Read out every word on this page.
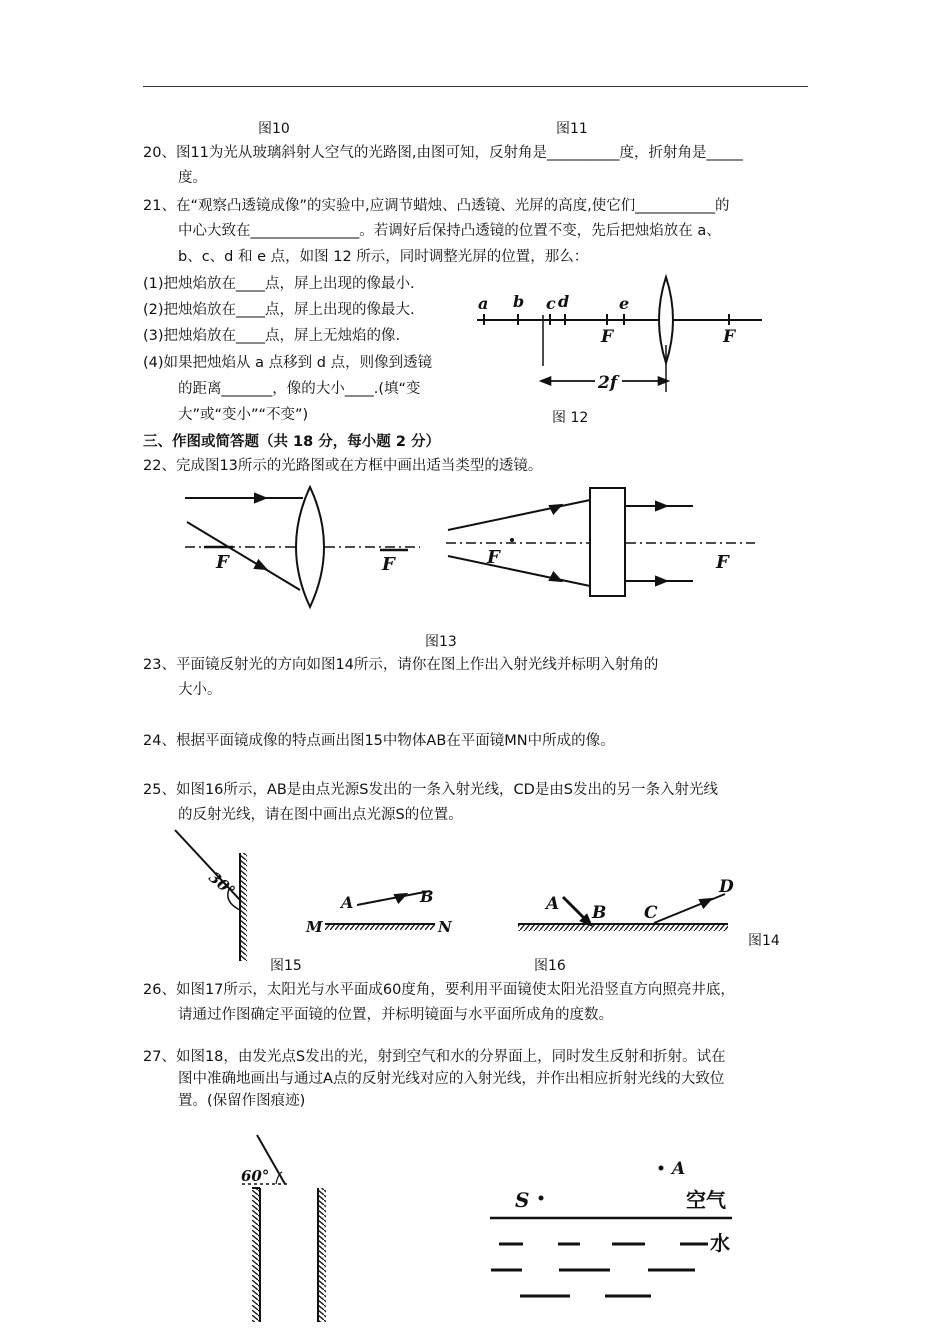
图10	图11
20、图11为光从玻璃斜射人空气的光路图,由图可知，反射角是__________度，折射角是_____
度。
21、在“观察凸透镜成像”的实验中,应调节蜡烛、凸透镜、光屏的高度,使它们___________的
中心大致在_______________。若调好后保持凸透镜的位置不变，先后把烛焰放在 a、
b、c、d 和 e 点，如图 12 所示，同时调整光屏的位置，那么：
(1)把烛焰放在____点，屏上出现的像最小.
(2)把烛焰放在____点，屏上出现的像最大.
(3)把烛焰放在____点，屏上无烛焰的像.
(4)如果把烛焰从 a 点移到 d 点，则像到透镜
的距离_______，像的大小____.(填“变
大”或“变小”“不变”)	图 12
三、作图或简答题（共 18 分，每小题 2 分）
22、完成图13所示的光路图或在方框中画出适当类型的透镜。
图13
23、平面镜反射光的方向如图14所示，请你在图上作出入射光线并标明入射角的
大小。
24、根据平面镜成像的特点画出图15中物体AB在平面镜MN中所成的像。
25、如图16所示，AB是由点光源S发出的一条入射光线，CD是由S发出的另一条入射光线
的反射光线，请在图中画出点光源S的位置。
图14
图15	图16
26、如图17所示，太阳光与水平面成60度角，要利用平面镜使太阳光沿竖直方向照亮井底，
请通过作图确定平面镜的位置，并标明镜面与水平面所成角的度数。
27、如图18，由发光点S发出的光，射到空气和水的分界面上，同时发生反射和折射。试在
图中准确地画出与通过A点的反射光线对应的入射光线，并作出相应折射光线的大致位
置。(保留作图痕迹)
a b c d	e
F	F
2f
F	F	F	F
30°
A	B
M	N
A B C
D
60°	A
S	空气
水
